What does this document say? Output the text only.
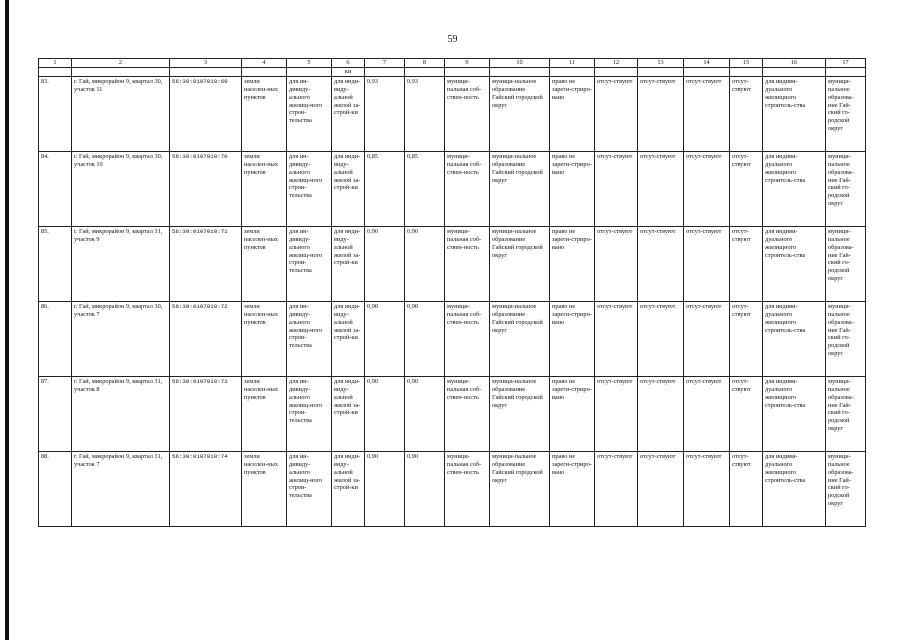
59
1	2	3	4	5	6	7	8	9	10	11	12	13	14	15	16	17
					ки											
83.	г. Гай, микрорайон 9, квартал 30, участок 11	56:39:0107010:69	земли населен-ных пунктов	для ин-дивиду-ального жилищ-ного строн-тельства	для инди-виду-альной жилой за-строй-ки	0,93	0,93	муници-пальная соб-ствен-ность	муници-пальное образование Гайский городской округ	право не зареги-стриро-вано	отсут-ствуют	отсут-ствуют	отсут-ствуют	отсут-ствуют	для индиви-дуального жилищного строитель-ства	муници-пальное образова-ние Гай-ский го-родской округ
84.	г. Гай, микрорайон 9, квартал 30, участок 10	56:39:0107010:70	земли населен-ных пунктов	для ин-дивиду-ального жилищ-ного строи-тельства	для инди-виду-альной жилой за-строй-ки	0,85	0,85	муници-пальная соб-ствен-ность	муници-пальное образование Гайский городской округ	право не зареги-стриро-вано	отсут-ствуют	отсут-ствуют	отсут-ствуют	отсут-ствуют	для индиви-дуального жилищного строитель-ства	муници-пальное образова-ние Гай-ский го-родской округ
85.	г. Гай, микрорайон 9, квартал 31, участок 9	56:39:0107010:71	земли населен-ных пунктов	для ин-дивиду-ального жилищ-ного строи-тельства	для инди-виду-альной жилой за-строй-ки	0,90	0,90	муници-пальная соб-ствен-ность	муници-пальное образование Гайский городской округ	право не зареги-стриро-вано	отсут-ствуют	отсут-ствуют	отсут-ствуют	отсут-ствуют	для индиви-дуального жилищного строитель-ства	муници-пальное образова-ние Гай-ский го-родской округ
86.	г. Гай, микрорайон 9, квартал 30, участок 7	56:39:0107010:72	земли населен-ных пунктов	для ин-дивиду-ального жилищ-ного строн-тельства	для инди-виду-альной жилой за-строй-ки	0,90	0,90	муници-пальная соб-ствен-ность	муници-пальное образование Гайский городской округ	право не зареги-стриро-вано	отсут-ствуют	отсут-ствуют	отсут-ствуют	отсут-ствуют	для индиви-дуального жилищного строитель-ства	муници-пальное образова-ние Гай-ский го-родской округ
87.	г. Гай, микрорайон 9, квартал 31, участок 8	56:39:0107010:73	земли населен-ных пунктов	для ин-дивиду-ального жилищ-ного строи-тельства	для инди-виду-альной жилой за-строй-ки	0,90	0,90	муници-пальная соб-ствен-ность	муници-пальное образование Гайский городской округ	право не зареги-стриро-вано	отсут-ствуют	отсут-ствуют	отсут-ствуют	отсут-ствуют	для индиви-дуального жилищного строитель-ства	муници-пальное образова-ние Гай-ский го-родской округ
88.	г. Гай, микрорайон 9, квартал 31, участок 7	56:39:0107010:74	земли населен-ных пунктов	для ин-дивиду-ального жилищ-ного строи-тельства	для инди-виду-альной жилой за-строй-ки	0,90	0,90	муници-пальная соб-ствен-ность	муници-пальное образование Гайский городской округ	право не зареги-стриро-вано	отсут-ствуют	отсут-ствуют	отсут-ствуют	отсут-ствуют	для индиви-дуального жилищного строитель-ства	муници-пальное образова-ние Гай-ский го-родской округ
